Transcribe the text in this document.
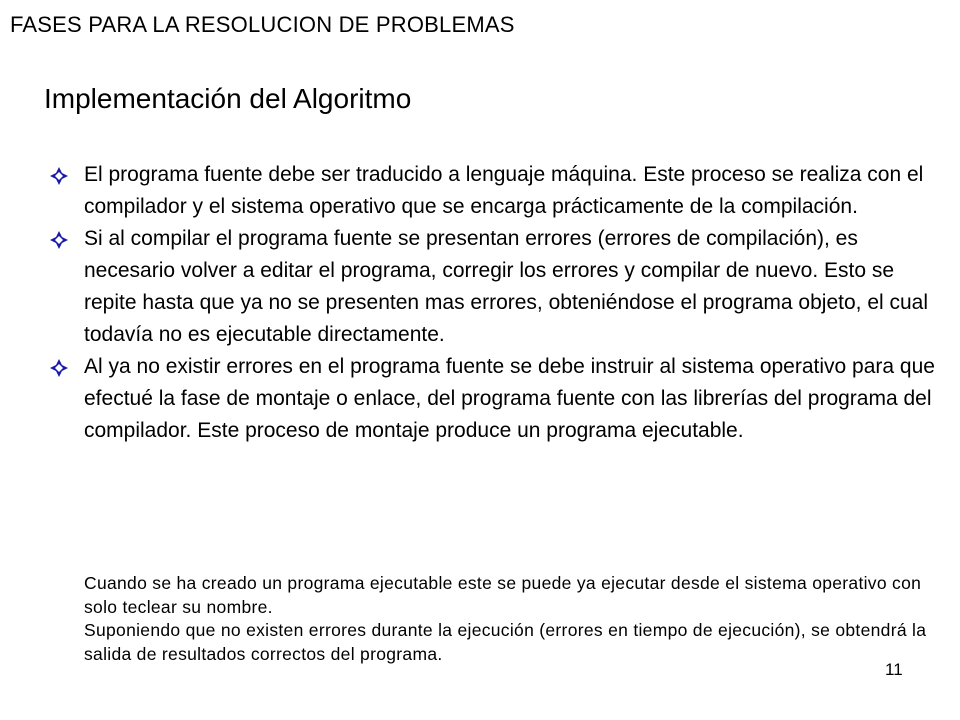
FASES PARA LA RESOLUCION DE PROBLEMAS
Implementación del Algoritmo
El programa fuente debe ser traducido a lenguaje máquina. Este proceso se realiza con el compilador y el sistema operativo que se encarga prácticamente de la compilación.
Si al compilar el programa fuente se presentan errores (errores de compilación), es necesario volver a editar el programa, corregir los errores y compilar de nuevo. Esto se repite hasta que ya no se presenten mas errores, obteniéndose el programa objeto, el cual todavía no es ejecutable directamente.
Al ya no existir errores en el programa fuente se debe instruir al sistema operativo para que efectué la fase de montaje o enlace, del programa fuente con las librerías del programa del compilador. Este proceso de montaje produce un programa ejecutable.

Cuando se ha creado un programa ejecutable este se puede ya ejecutar desde el sistema operativo con solo teclear su nombre.

Suponiendo que no existen errores durante la ejecución (errores en tiempo de ejecución), se obtendrá la salida de resultados correctos del programa.

11
